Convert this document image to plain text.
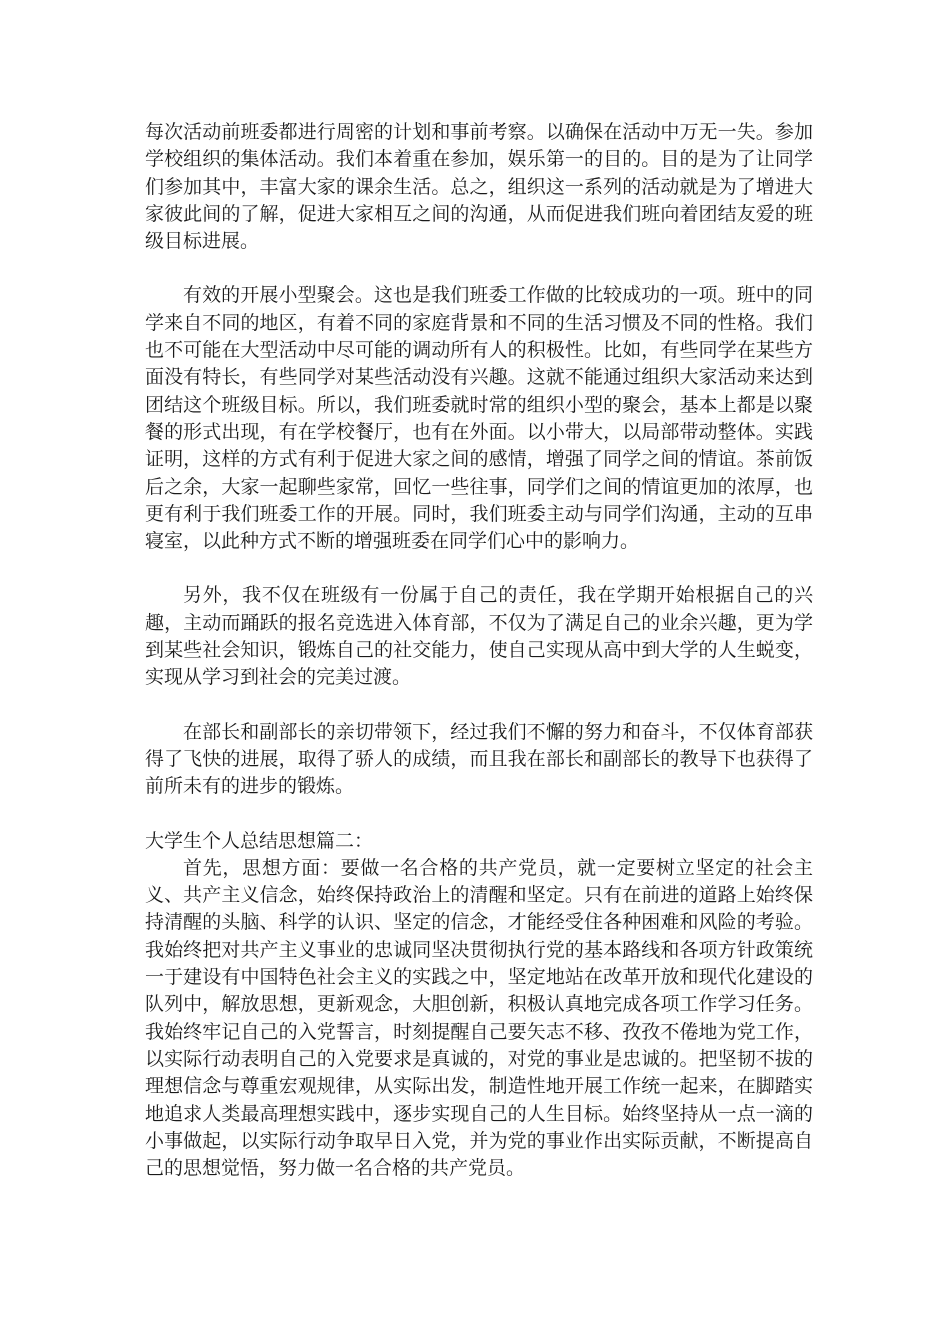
每次活动前班委都进行周密的计划和事前考察。以确保在活动中万无一失。参加学校组织的集体活动。我们本着重在参加，娱乐第一的目的。目的是为了让同学们参加其中，丰富大家的课余生活。总之，组织这一系列的活动就是为了增进大家彼此间的了解，促进大家相互之间的沟通，从而促进我们班向着团结友爱的班级目标进展。

有效的开展小型聚会。这也是我们班委工作做的比较成功的一项。班中的同学来自不同的地区，有着不同的家庭背景和不同的生活习惯及不同的性格。我们也不可能在大型活动中尽可能的调动所有人的积极性。比如，有些同学在某些方面没有特长，有些同学对某些活动没有兴趣。这就不能通过组织大家活动来达到团结这个班级目标。所以，我们班委就时常的组织小型的聚会，基本上都是以聚餐的形式出现，有在学校餐厅，也有在外面。以小带大，以局部带动整体。实践证明，这样的方式有利于促进大家之间的感情，增强了同学之间的情谊。茶前饭后之余，大家一起聊些家常，回忆一些往事，同学们之间的情谊更加的浓厚，也更有利于我们班委工作的开展。同时，我们班委主动与同学们沟通，主动的互串寝室，以此种方式不断的增强班委在同学们心中的影响力。

另外，我不仅在班级有一份属于自己的责任，我在学期开始根据自己的兴趣，主动而踊跃的报名竞选进入体育部，不仅为了满足自己的业余兴趣，更为学到某些社会知识，锻炼自己的社交能力，使自己实现从高中到大学的人生蜕变，实现从学习到社会的完美过渡。

在部长和副部长的亲切带领下，经过我们不懈的努力和奋斗，不仅体育部获得了飞快的进展，取得了骄人的成绩，而且我在部长和副部长的教导下也获得了前所未有的进步的锻炼。

大学生个人总结思想篇二：

首先，思想方面：要做一名合格的共产党员，就一定要树立坚定的社会主义、共产主义信念，始终保持政治上的清醒和坚定。只有在前进的道路上始终保持清醒的头脑、科学的认识、坚定的信念，才能经受住各种困难和风险的考验。我始终把对共产主义事业的忠诚同坚决贯彻执行党的基本路线和各项方针政策统一于建设有中国特色社会主义的实践之中，坚定地站在改革开放和现代化建设的队列中，解放思想，更新观念，大胆创新，积极认真地完成各项工作学习任务。我始终牢记自己的入党誓言，时刻提醒自己要矢志不移、孜孜不倦地为党工作，以实际行动表明自己的入党要求是真诚的，对党的事业是忠诚的。把坚韧不拔的理想信念与尊重宏观规律，从实际出发，制造性地开展工作统一起来，在脚踏实地追求人类最高理想实践中，逐步实现自己的人生目标。始终坚持从一点一滴的小事做起，以实际行动争取早日入党，并为党的事业作出实际贡献，不断提高自己的思想觉悟，努力做一名合格的共产党员。
